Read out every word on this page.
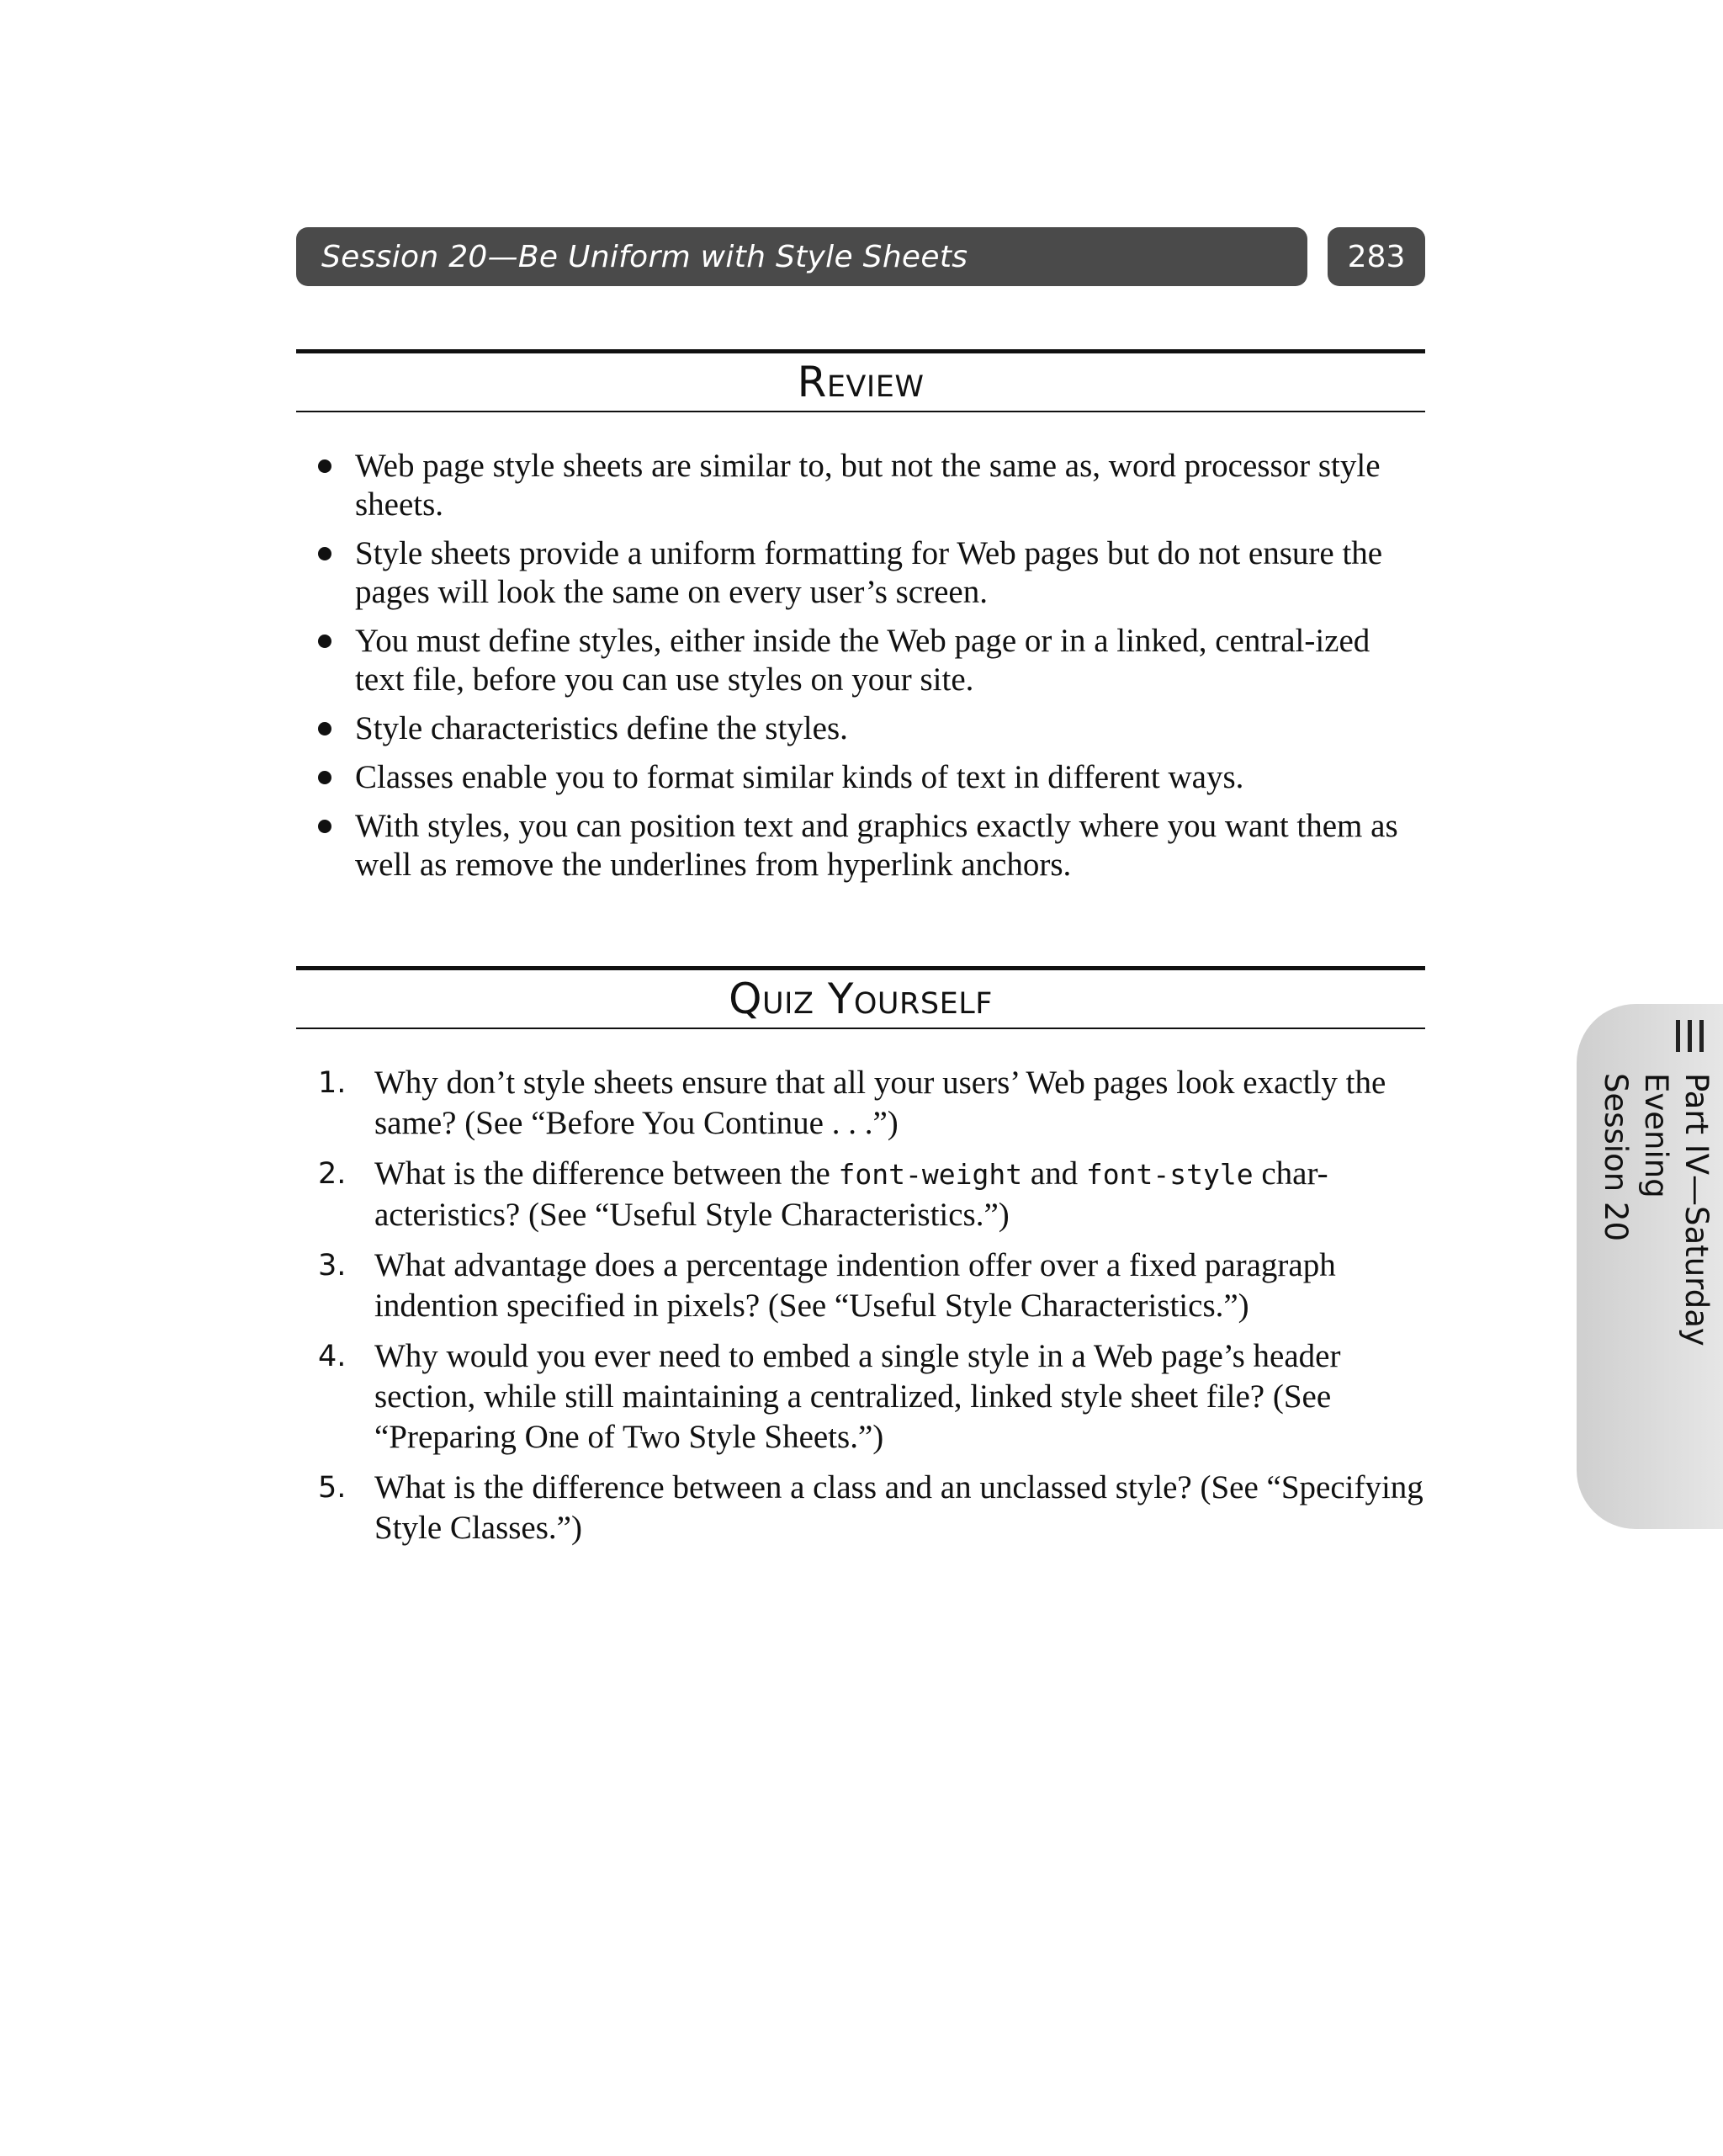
Session 20—Be Uniform with Style Sheets	283
Review
Web page style sheets are similar to, but not the same as, word processor style sheets.
Style sheets provide a uniform formatting for Web pages but do not ensure the pages will look the same on every user’s screen.
You must define styles, either inside the Web page or in a linked, central-ized text file, before you can use styles on your site.
Style characteristics define the styles.
Classes enable you to format similar kinds of text in different ways.
With styles, you can position text and graphics exactly where you want them as well as remove the underlines from hyperlink anchors.
Quiz Yourself
1. Why don’t style sheets ensure that all your users’ Web pages look exactly the same? (See “Before You Continue . . .”)
2. What is the difference between the font-weight and font-style char-acteristics? (See “Useful Style Characteristics.”)
3. What advantage does a percentage indention offer over a fixed paragraph indention specified in pixels? (See “Useful Style Characteristics.”)
4. Why would you ever need to embed a single style in a Web page’s header section, while still maintaining a centralized, linked style sheet file? (See “Preparing One of Two Style Sheets.”)
5. What is the difference between a class and an unclassed style? (See “Specifying Style Classes.”)
Part IV—Saturday Evening
Session 20
